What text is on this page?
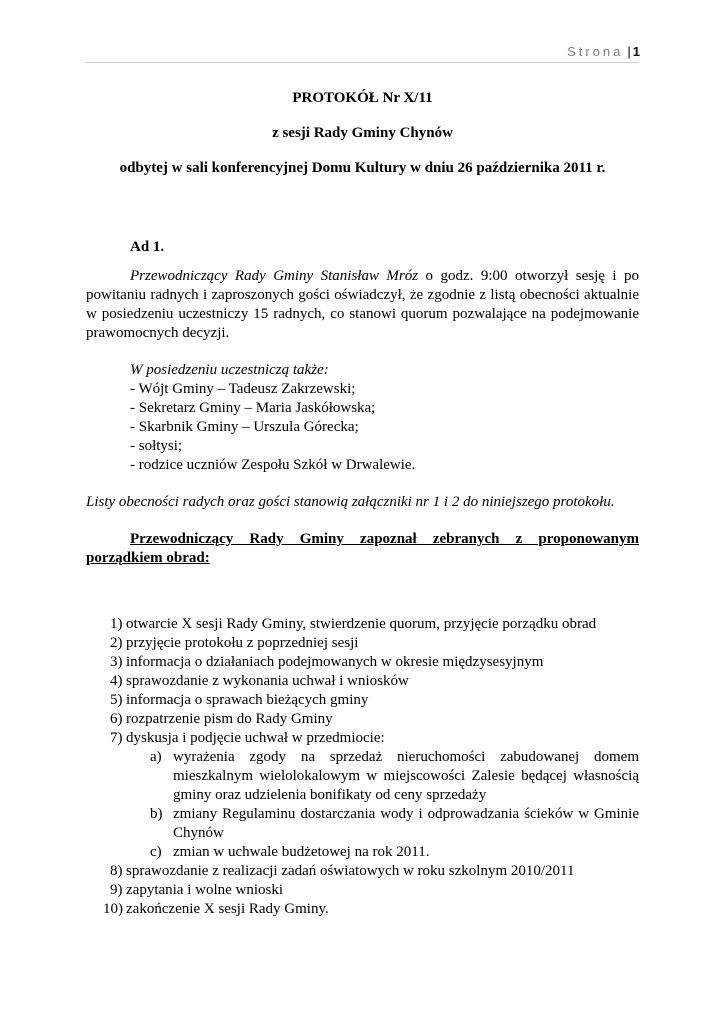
Strona | 1

PROTOKÓŁ Nr X/11

z sesji Rady Gminy Chynów

odbytej w sali konferencyjnej Domu Kultury w dniu 26 października 2011 r.

Ad 1.

Przewodniczący Rady Gminy Stanisław Mróz o godz. 9:00 otworzył sesję i po powitaniu radnych i zaproszonych gości oświadczył, że zgodnie z listą obecności aktualnie w posiedzeniu uczestniczy 15 radnych, co stanowi quorum pozwalające na podejmowanie prawomocnych decyzji.

W posiedzeniu uczestniczą także:
- Wójt Gminy – Tadeusz Zakrzewski;
- Sekretarz Gminy – Maria Jaskółowska;
- Skarbnik Gminy – Urszula Górecka;
- sołtysi;
- rodzice uczniów Zespołu Szkół w Drwalewie.

Listy obecności radych oraz gości stanowią załączniki nr 1 i 2 do niniejszego protokołu.

Przewodniczący Rady Gminy zapoznał zebranych z proponowanym porządkiem obrad:

1) otwarcie X sesji Rady Gminy, stwierdzenie quorum, przyjęcie porządku obrad
2) przyjęcie protokołu z poprzedniej sesji
3) informacja o działaniach podejmowanych w okresie międzysesyjnym
4) sprawozdanie z wykonania uchwał i wniosków
5) informacja o sprawach bieżących gminy
6) rozpatrzenie pism do Rady Gminy
7) dyskusja i podjęcie uchwał w przedmiocie:
a) wyrażenia zgody na sprzedaż nieruchomości zabudowanej domem mieszkalnym wielolokalowym w miejscowości Zalesie będącej własnością gminy oraz udzielenia bonifikaty od ceny sprzedaży
b) zmiany Regulaminu dostarczania wody i odprowadzania ścieków w Gminie Chynów
c) zmian w uchwale budżetowej na rok 2011.
8) sprawozdanie z realizacji zadań oświatowych w roku szkolnym 2010/2011
9) zapytania i wolne wnioski
10) zakończenie X sesji Rady Gminy.
